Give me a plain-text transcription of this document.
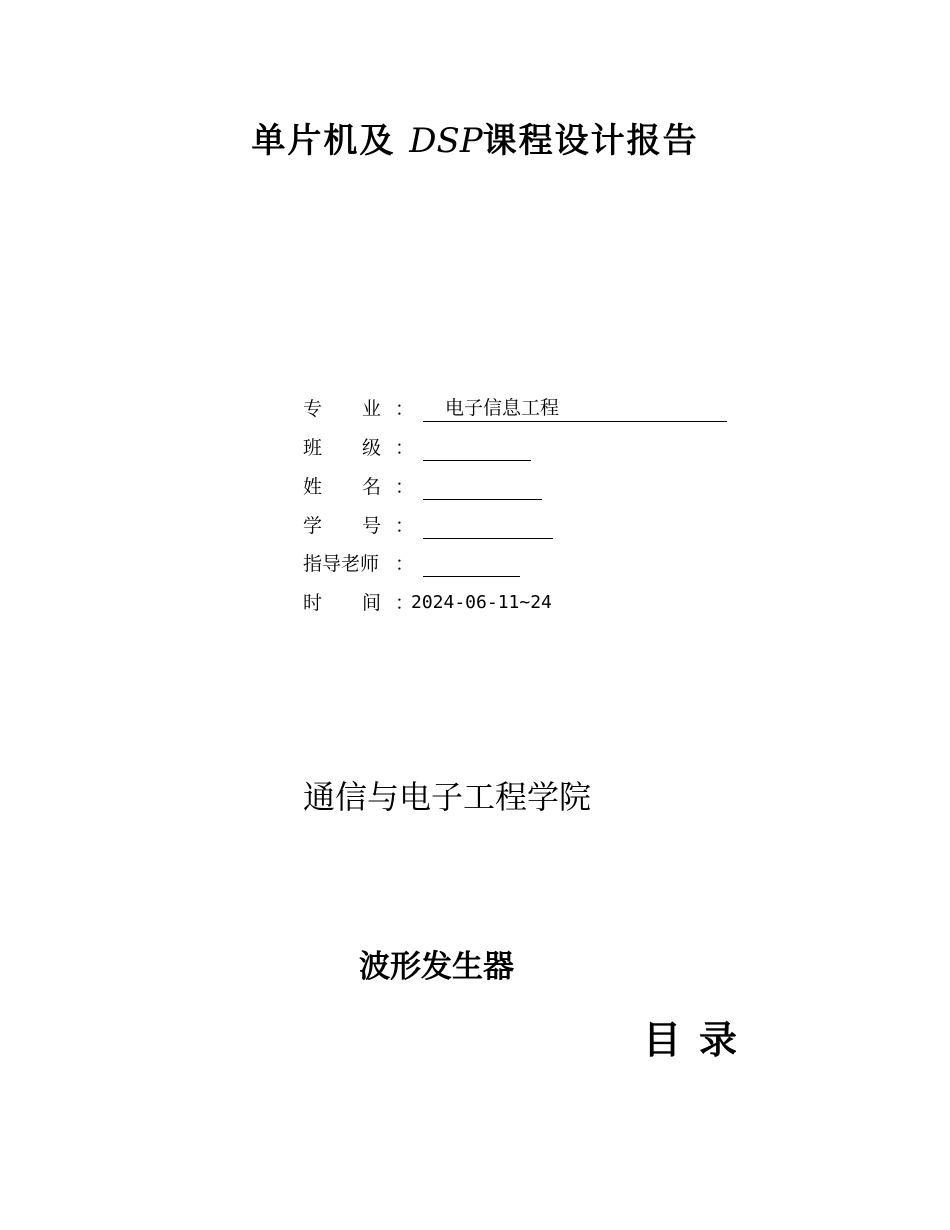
单片机及 DSP课程设计报告
专业 ： 电子信息工程
班级 ：
姓名 ：
学号 ：
指导老师 ：
时间 ：
2024-06-11~24
通信与电子工程学院
波形发生器
目录
